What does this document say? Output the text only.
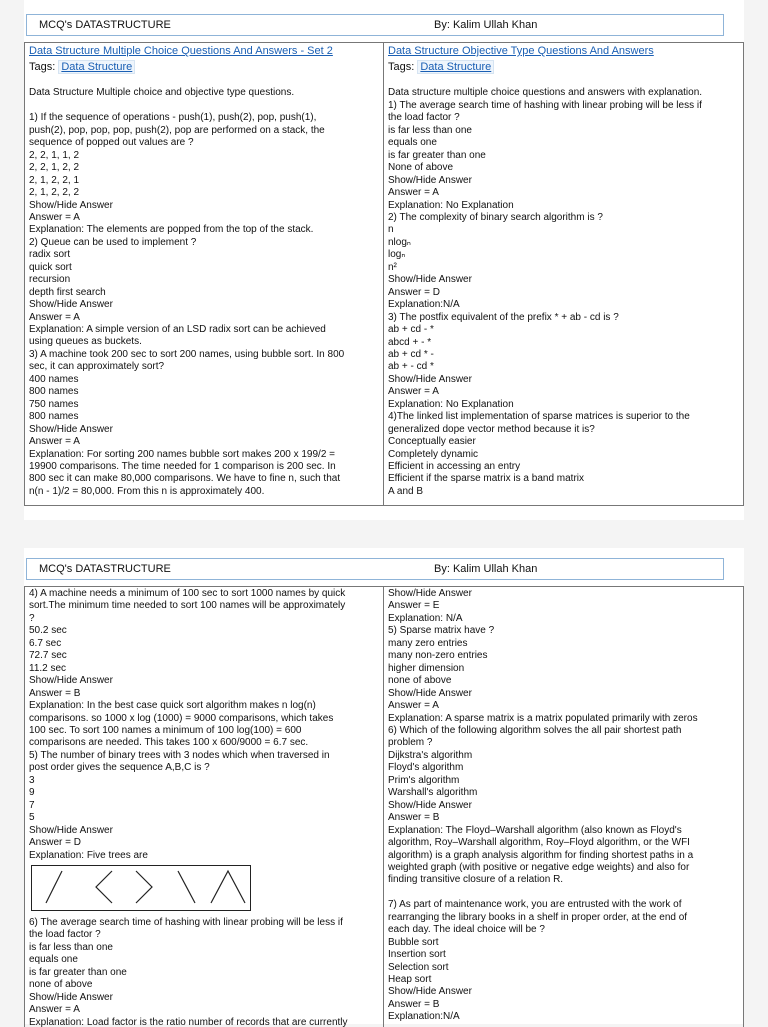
MCQ's DATASTRUCTURE	By: Kalim Ullah Khan
Data Structure Multiple Choice Questions And Answers - Set 2
Tags: Data Structure
Data Structure Multiple choice and objective type questions.
1) If the sequence of operations - push(1), push(2), pop, push(1),
push(2), pop, pop, pop, push(2), pop are performed on a stack, the
sequence of popped out values are ?
2, 2, 1, 1, 2
2, 2, 1, 2, 2
2, 1, 2, 2, 1
2, 1, 2, 2, 2
Show/Hide Answer
Answer = A
Explanation: The elements are popped from the top of the stack.
2) Queue can be used to implement ?
radix sort
quick sort
recursion
depth first search
Show/Hide Answer
Answer = A
Explanation: A simple version of an LSD radix sort can be achieved
using queues as buckets.
3) A machine took 200 sec to sort 200 names, using bubble sort. In 800
sec, it can approximately sort?
400 names
800 names
750 names
800 names
Show/Hide Answer
Answer = A
Explanation: For sorting 200 names bubble sort makes 200 x 199/2 =
19900 comparisons. The time needed for 1 comparison is 200 sec. In
800 sec it can make 80,000 comparisons. We have to fine n, such that
n(n - 1)/2 = 80,000. From this n is approximately 400.
Data Structure Objective Type Questions And Answers
Tags: Data Structure
Data structure multiple choice questions and answers with explanation.
1) The average search time of hashing with linear probing will be less if
the load factor ?
is far less than one
equals one
is far greater than one
None of above
Show/Hide Answer
Answer = A
Explanation: No Explanation
2) The complexity of binary search algorithm is ?
n
nlogₙ
logₙ
n²
Show/Hide Answer
Answer = D
Explanation:N/A
3) The postfix equivalent of the prefix * + ab - cd is ?
ab + cd - *
abcd + - *
ab + cd * -
ab + - cd *
Show/Hide Answer
Answer = A
Explanation: No Explanation
4)The linked list implementation of sparse matrices is superior to the
generalized dope vector method because it is?
Conceptually easier
Completely dynamic
Efficient in accessing an entry
Efficient if the sparse matrix is a band matrix
A and B
MCQ's DATASTRUCTURE	By: Kalim Ullah Khan
4) A machine needs a minimum of 100 sec to sort 1000 names by quick
sort.The minimum time needed to sort 100 names will be approximately
?
50.2 sec
6.7 sec
72.7 sec
11.2 sec
Show/Hide Answer
Answer = B
Explanation: In the best case quick sort algorithm makes n log(n)
comparisons. so 1000 x log (1000) = 9000 comparisons, which takes
100 sec. To sort 100 names a minimum of 100 log(100) = 600
comparisons are needed. This takes 100 x 600/9000 = 6.7 sec.
5) The number of binary trees with 3 nodes which when traversed in
post order gives the sequence A,B,C is ?
3
9
7
5
Show/Hide Answer
Answer = D
Explanation: Five trees are
6) The average search time of hashing with linear probing will be less if
the load factor ?
is far less than one
equals one
is far greater than one
none of above
Show/Hide Answer
Answer = A
Explanation: Load factor is the ratio number of records that are currently
Show/Hide Answer
Answer = E
Explanation: N/A
5) Sparse matrix have ?
many zero entries
many non-zero entries
higher dimension
none of above
Show/Hide Answer
Answer = A
Explanation: A sparse matrix is a matrix populated primarily with zeros
6) Which of the following algorithm solves the all pair shortest path
problem ?
Dijkstra's algorithm
Floyd's algorithm
Prim's algorithm
Warshall's algorithm
Show/Hide Answer
Answer = B
Explanation: The Floyd–Warshall algorithm (also known as Floyd's
algorithm, Roy–Warshall algorithm, Roy–Floyd algorithm, or the WFI
algorithm) is a graph analysis algorithm for finding shortest paths in a
weighted graph (with positive or negative edge weights) and also for
finding transitive closure of a relation R.
7) As part of maintenance work, you are entrusted with the work of
rearranging the library books in a shelf in proper order, at the end of
each day. The ideal choice will be ?
Bubble sort
Insertion sort
Selection sort
Heap sort
Show/Hide Answer
Answer = B
Explanation:N/A
